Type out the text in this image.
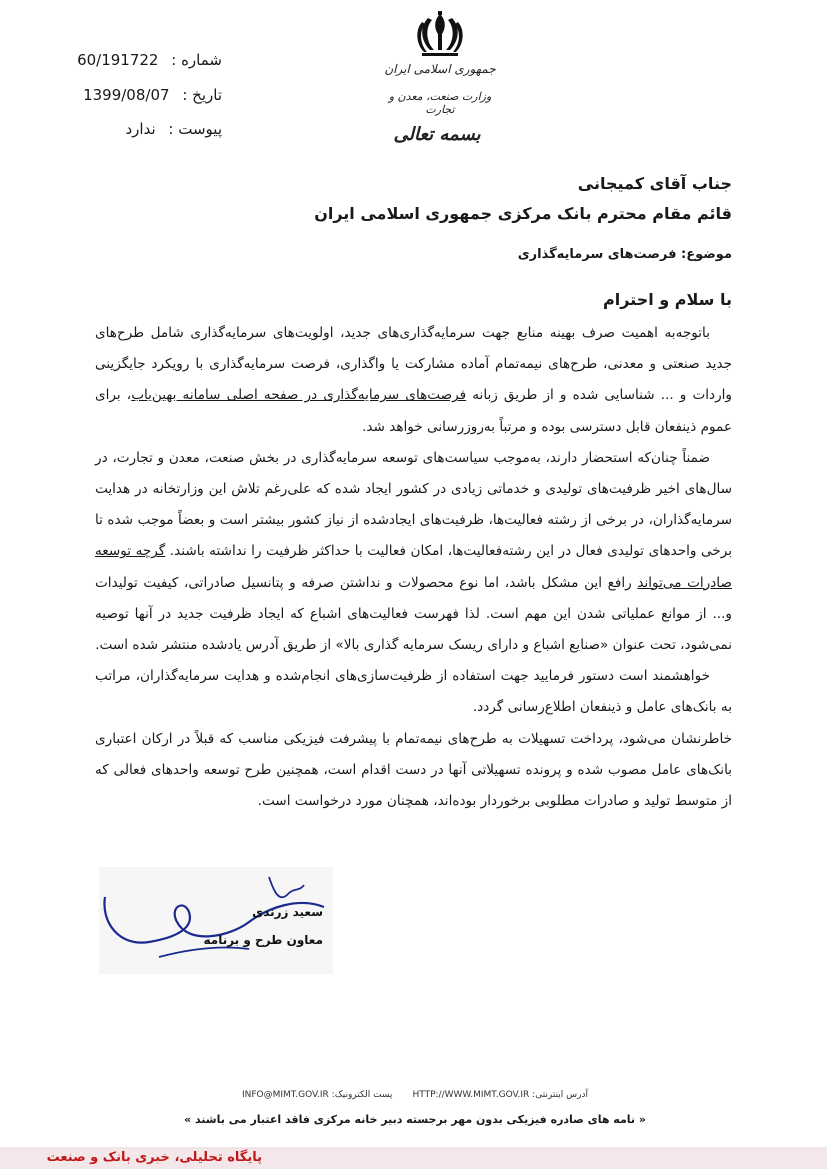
شماره : 60/191722
تاریخ : 1399/08/07
پیوست : ندارد
جمهوری اسلامی ایران
وزارت صنعت، معدن و تجارت
بسمه تعالی
جناب آقای کمیجانی
قائم مقام محترم بانک مرکزی جمهوری اسلامی ایران
موضوع: فرصت‌های سرمایه‌گذاری
با سلام و احترام

باتوجه‌به اهمیت صرف بهینه منابع جهت سرمایه‌گذاری‌های جدید، اولویت‌های سرمایه‌گذاری شامل طرح‌های جدید صنعتی و معدنی، طرح‌های نیمه‌تمام آماده مشارکت یا واگذاری، فرصت سرمایه‌گذاری با رویکرد جایگزینی واردات و ... شناسایی شده و از طریق زبانه فرصت‌های سرمایه‌گذاری در صفحه اصلی سامانه بهین‌یاب، برای عموم ذینفعان قابل دسترسی بوده و مرتباً به‌روزرسانی خواهد شد.

ضمناً چنان‌که استحضار دارند، به‌موجب سیاست‌های توسعه سرمایه‌گذاری در بخش صنعت، معدن و تجارت، در سال‌های اخیر ظرفیت‌های تولیدی و خدماتی زیادی در کشور ایجاد شده که علی‌رغم تلاش این وزارتخانه در هدایت سرمایه‌گذاران، در برخی از رشته فعالیت‌ها، ظرفیت‌های ایجادشده از نیاز کشور بیشتر است و بعضاً موجب شده تا برخی واحدهای تولیدی فعال در این رشته‌فعالیت‌ها، امکان فعالیت با حداکثر ظرفیت را نداشته باشند. گرچه توسعه صادرات می‌تواند رافع این مشکل باشد، اما نوع محصولات و نداشتن صرفه و پتانسیل صادراتی، کیفیت تولیدات و... از موانع عملیاتی شدن این مهم است. لذا فهرست فعالیت‌های اشباع که ایجاد ظرفیت جدید در آنها توصیه نمی‌شود، تحت عنوان «صنایع اشباع و دارای ریسک سرمایه گذاری بالا» از طریق آدرس یادشده منتشر شده است.

خواهشمند است دستور فرمایید جهت استفاده از ظرفیت‌سازی‌های انجام‌شده و هدایت سرمایه‌گذاران، مراتب به بانک‌های عامل و ذینفعان اطلاع‌رسانی گردد.

خاطرنشان می‌شود، پرداخت تسهیلات به طرح‌های نیمه‌تمام با پیشرفت فیزیکی مناسب که قبلاً در ارکان اعتباری بانک‌های عامل مصوب شده و پرونده تسهیلاتی آنها در دست اقدام است، همچنین طرح توسعه واحدهای فعالی که از متوسط تولید و صادرات مطلوبی برخوردار بوده‌اند، همچنان مورد درخواست است.

سعید زرندی
معاون طرح و برنامه
INFO@MIMT.GOV.IR :پست الکترونیک HTTP://WWW.MIMT.GOV.IR :آدرس اینترنتی
« نامه های صادره فیزیکی بدون مهر برجسته دبیر خانه مرکزی فاقد اعتبار می باشند »
پایگاه تحلیلی، خبری بانک و صنعت
